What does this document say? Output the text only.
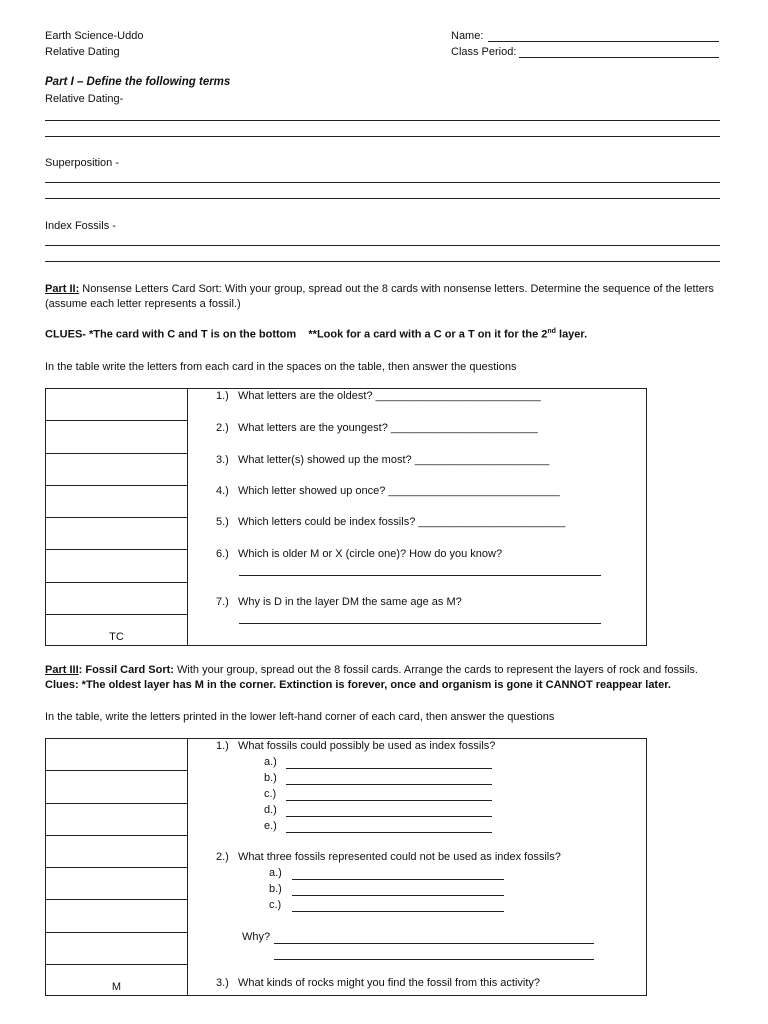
Earth Science-Uddo
Relative Dating
Name:
Class Period:
Part I – Define the following terms
Relative Dating-
Superposition -
Index Fossils -
Part II: Nonsense Letters Card Sort: With your group, spread out the 8 cards with nonsense letters. Determine the sequence of the letters (assume each letter represents a fossil.)
CLUES- *The card with C and T is on the bottom **Look for a card with a C or a T on it for the 2nd layer.
In the table write the letters from each card in the spaces on the table, then answer the questions

1.) What letters are the oldest? ___________________________
2.) What letters are the youngest? ________________________
3.) What letter(s) showed up the most? ______________________
4.) Which letter showed up once? ____________________________
5.) Which letters could be index fossils? ________________________
6.) Which is older M or X (circle one)? How do you know?
7.) Why is D in the layer DM the same age as M?

TC
Part III: Fossil Card Sort: With your group, spread out the 8 fossil cards. Arrange the cards to represent the layers of rock and fossils.
Clues: *The oldest layer has M in the corner. Extinction is forever, once and organism is gone it CANNOT reappear later.
In the table, write the letters printed in the lower left-hand corner of each card, then answer the questions

1.) What fossils could possibly be used as index fossils?
a.)
b.)
c.)
d.)
e.)
2.) What three fossils represented could not be used as index fossils?
a.)
b.)
c.)
Why?
3.) What kinds of rocks might you find the fossil from this activity?

M
